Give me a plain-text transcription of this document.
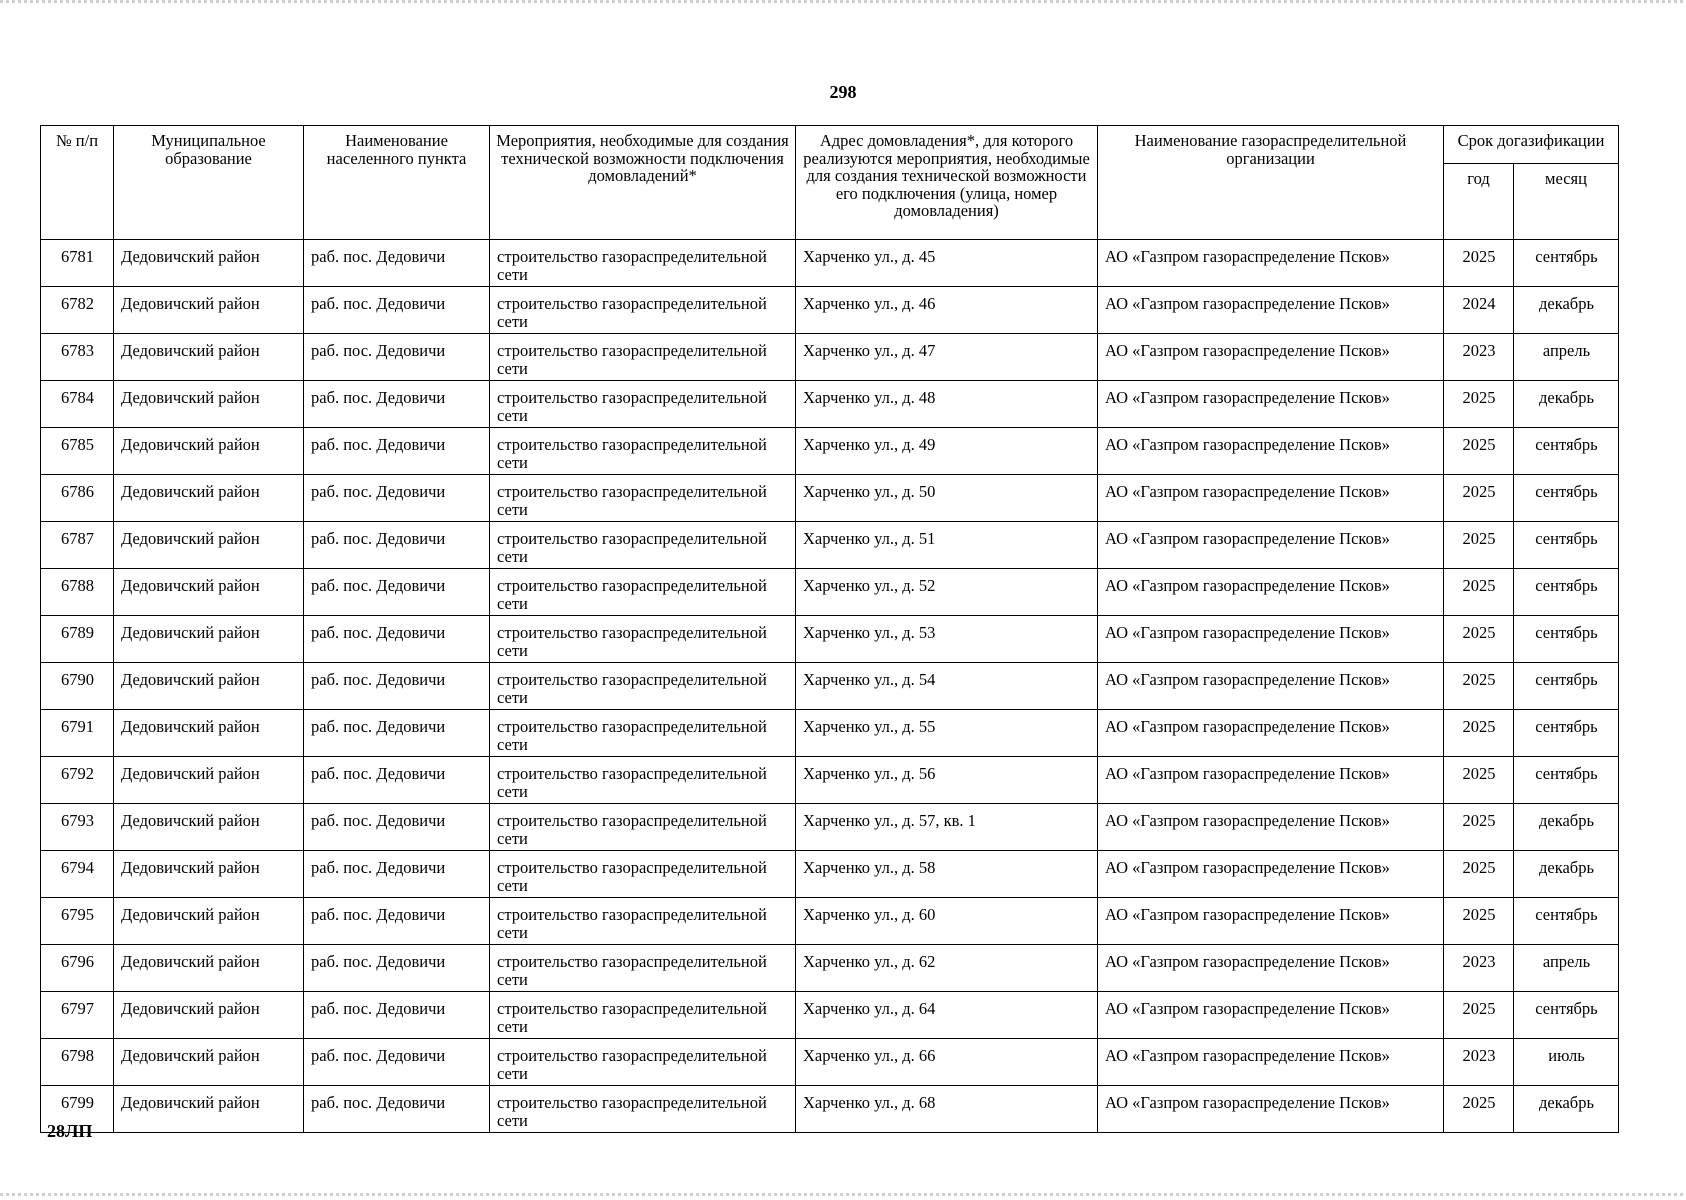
298
№ п/п	Муниципальное образование	Наименование населенного пункта	Мероприятия, необходимые для создания технической возможности подключения домовладений*	Адрес домовладения*, для которого реализуются мероприятия, необходимые для создания технической возможности его подключения (улица, номер домовладения)	Наименование газораспределительной организации	Срок догазификации	
						год	месяц
6781	Дедовичский район	раб. пос. Дедовичи	строительство газораспределительной сети	Харченко ул., д. 45	АО «Газпром газораспределение Псков»	2025	сентябрь
6782	Дедовичский район	раб. пос. Дедовичи	строительство газораспределительной сети	Харченко ул., д. 46	АО «Газпром газораспределение Псков»	2024	декабрь
6783	Дедовичский район	раб. пос. Дедовичи	строительство газораспределительной сети	Харченко ул., д. 47	АО «Газпром газораспределение Псков»	2023	апрель
6784	Дедовичский район	раб. пос. Дедовичи	строительство газораспределительной сети	Харченко ул., д. 48	АО «Газпром газораспределение Псков»	2025	декабрь
6785	Дедовичский район	раб. пос. Дедовичи	строительство газораспределительной сети	Харченко ул., д. 49	АО «Газпром газораспределение Псков»	2025	сентябрь
6786	Дедовичский район	раб. пос. Дедовичи	строительство газораспределительной сети	Харченко ул., д. 50	АО «Газпром газораспределение Псков»	2025	сентябрь
6787	Дедовичский район	раб. пос. Дедовичи	строительство газораспределительной сети	Харченко ул., д. 51	АО «Газпром газораспределение Псков»	2025	сентябрь
6788	Дедовичский район	раб. пос. Дедовичи	строительство газораспределительной сети	Харченко ул., д. 52	АО «Газпром газораспределение Псков»	2025	сентябрь
6789	Дедовичский район	раб. пос. Дедовичи	строительство газораспределительной сети	Харченко ул., д. 53	АО «Газпром газораспределение Псков»	2025	сентябрь
6790	Дедовичский район	раб. пос. Дедовичи	строительство газораспределительной сети	Харченко ул., д. 54	АО «Газпром газораспределение Псков»	2025	сентябрь
6791	Дедовичский район	раб. пос. Дедовичи	строительство газораспределительной сети	Харченко ул., д. 55	АО «Газпром газораспределение Псков»	2025	сентябрь
6792	Дедовичский район	раб. пос. Дедовичи	строительство газораспределительной сети	Харченко ул., д. 56	АО «Газпром газораспределение Псков»	2025	сентябрь
6793	Дедовичский район	раб. пос. Дедовичи	строительство газораспределительной сети	Харченко ул., д. 57, кв. 1	АО «Газпром газораспределение Псков»	2025	декабрь
6794	Дедовичский район	раб. пос. Дедовичи	строительство газораспределительной сети	Харченко ул., д. 58	АО «Газпром газораспределение Псков»	2025	декабрь
6795	Дедовичский район	раб. пос. Дедовичи	строительство газораспределительной сети	Харченко ул., д. 60	АО «Газпром газораспределение Псков»	2025	сентябрь
6796	Дедовичский район	раб. пос. Дедовичи	строительство газораспределительной сети	Харченко ул., д. 62	АО «Газпром газораспределение Псков»	2023	апрель
6797	Дедовичский район	раб. пос. Дедовичи	строительство газораспределительной сети	Харченко ул., д. 64	АО «Газпром газораспределение Псков»	2025	сентябрь
6798	Дедовичский район	раб. пос. Дедовичи	строительство газораспределительной сети	Харченко ул., д. 66	АО «Газпром газораспределение Псков»	2023	июль
6799	Дедовичский район	раб. пос. Дедовичи	строительство газораспределительной сети	Харченко ул., д. 68	АО «Газпром газораспределение Псков»	2025	декабрь
28ЛП
